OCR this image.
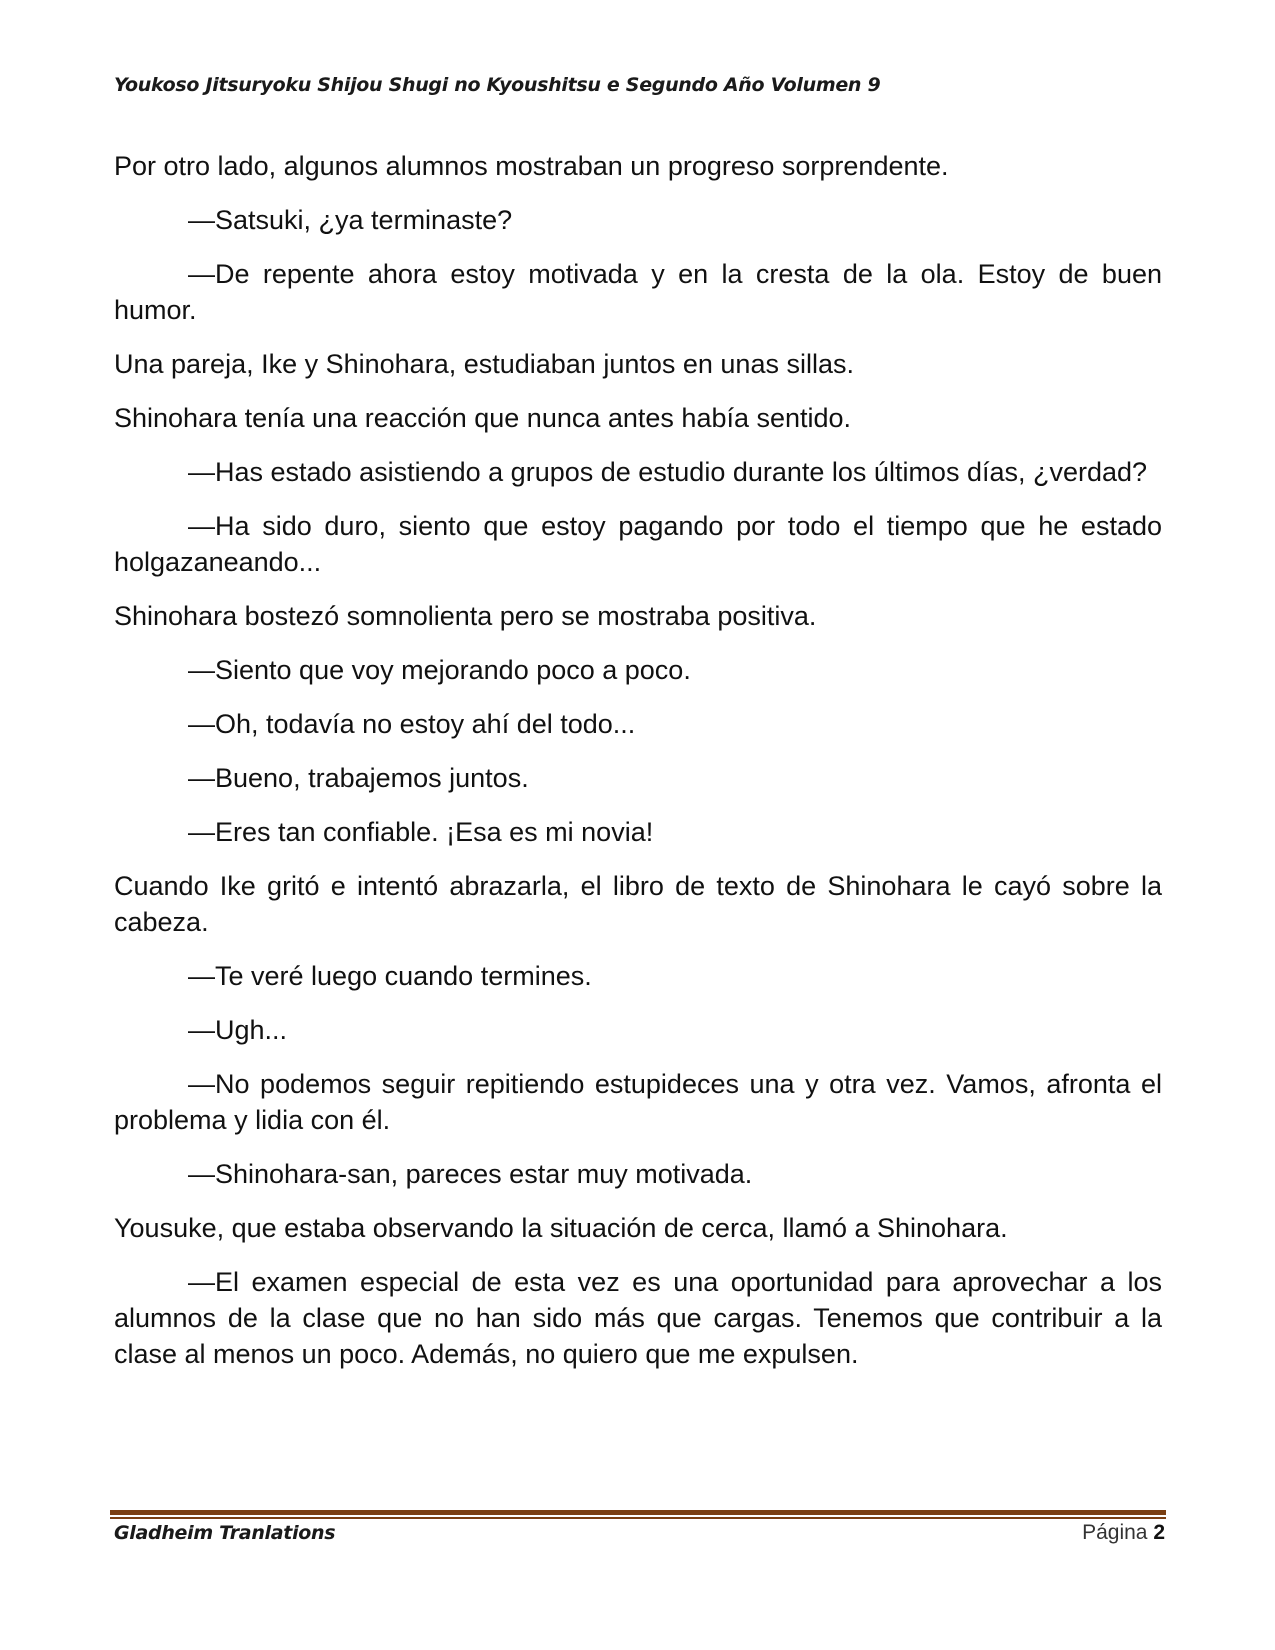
Youkoso Jitsuryoku Shijou Shugi no Kyoushitsu e Segundo Año Volumen 9

Por otro lado, algunos alumnos mostraban un progreso sorprendente.

—Satsuki, ¿ya terminaste?

—De repente ahora estoy motivada y en la cresta de la ola. Estoy de buen humor.

Una pareja, Ike y Shinohara, estudiaban juntos en unas sillas.

Shinohara tenía una reacción que nunca antes había sentido.

—Has estado asistiendo a grupos de estudio durante los últimos días, ¿verdad?

—Ha sido duro, siento que estoy pagando por todo el tiempo que he estado holgazaneando...

Shinohara bostezó somnolienta pero se mostraba positiva.

—Siento que voy mejorando poco a poco.

—Oh, todavía no estoy ahí del todo...

—Bueno, trabajemos juntos.

—Eres tan confiable. ¡Esa es mi novia!

Cuando Ike gritó e intentó abrazarla, el libro de texto de Shinohara le cayó sobre la cabeza.

—Te veré luego cuando termines.

—Ugh...

—No podemos seguir repitiendo estupideces una y otra vez. Vamos, afronta el problema y lidia con él.

—Shinohara-san, pareces estar muy motivada.

Yousuke, que estaba observando la situación de cerca, llamó a Shinohara.

—El examen especial de esta vez es una oportunidad para aprovechar a los alumnos de la clase que no han sido más que cargas. Tenemos que contribuir a la clase al menos un poco. Además, no quiero que me expulsen.

Gladheim Tranlations	Página 2
